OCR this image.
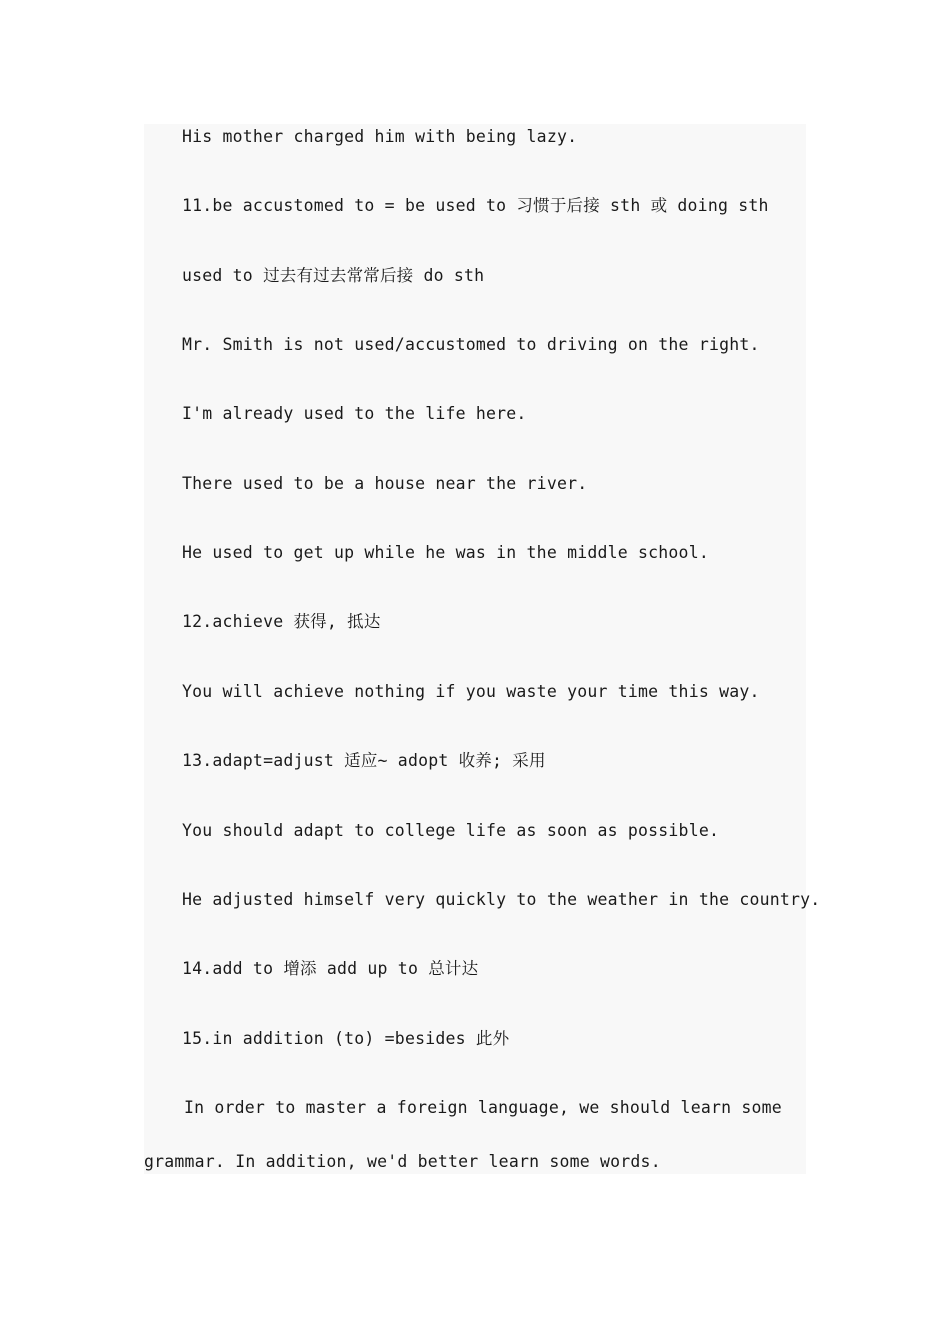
His mother charged him with being lazy.
11.be accustomed to = be used to 习惯于后接 sth 或 doing sth
used to 过去有过去常常后接 do sth
Mr. Smith is not used/accustomed to driving on the right.
I'm already used to the life here.
There used to be a house near the river.
He used to get up while he was in the middle school.
12.achieve 获得, 抵达
You will achieve nothing if you waste your time this way.
13.adapt=adjust 适应~ adopt 收养; 采用
You should adapt to college life as soon as possible.
He adjusted himself very quickly to the weather in the country.
14.add to 增添 add up to 总计达
15.in addition (to) =besides 此外
In order to master a foreign language, we should learn some
grammar. In addition, we'd better learn some words.
